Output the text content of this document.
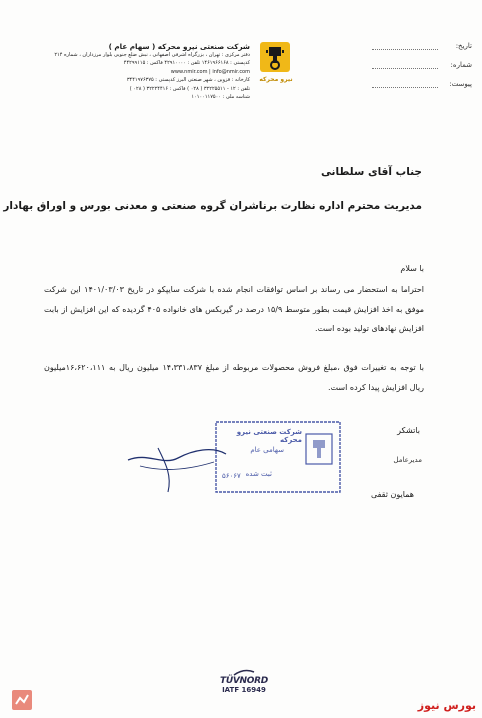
تاریخ:
شماره:
پیوست:
نیرو محرکه
شرکت صنعتی نیرو محرکه ( سهام عام )
دفتر مرکزی : تهران ، بزرگراه اشرفی اصفهانی ، نبش ضلع جنوبی بلوار مرزداران ، شماره ۲۱۴
کدپستی : ۱۴۶۱۹۶۶۱۶۸ تلفن : ۴۲۹۱۰۰۰۰ فاکس : ۴۴۲۹۹۱۱۵
www.nmir.com | info@nmir.com
کارخانه : قزوین ، شهر صنعتی البرز کدپستی : ۳۴۴۱۹۷۶۳۷۵
تلفن : ۱۲ - ۳۲۲۲۵۵۱۱ ( ۰۲۸ ) فاکس : ۳۲۲۲۴۴۱۶ ( ۰۲۸ )
شناسه ملی : ۱۰۱۰۰۱۱۷۵۰۰
جناب آقای سلطانی
مدیریت محترم اداره نظارت برناشران گروه صنعتی و معدنی بورس و اوراق بهادار
با سلام
احتراما به استحضار می رساند بر اساس توافقات انجام شده با شرکت سایپکو در تاریخ ۱۴۰۱/۰۳/۰۳ این شرکت موفق به اخذ افزایش قیمت بطور متوسط ۱۵/۹ درصد در گیربکس های خانواده ۴۰۵ گردیده که این افزایش از بابت افزایش نهادهای تولید بوده است.
با توجه به تغییرات فوق ،مبلغ فروش محصولات مربوطه از مبلغ ۱۴،۳۳۱،۸۳۷ میلیون ریال به ۱۶،۶۲۰،۱۱۱میلیون ریال افزایش پیدا کرده است.
باتشکر
مدیرعامل
همایون ثقفی
شرکت صنعتی نیرو محرکه
سهامی عام
ثبت شده
۵۶۰۶۷
TÜVNORD
IATF 16949
بورس نیوز
